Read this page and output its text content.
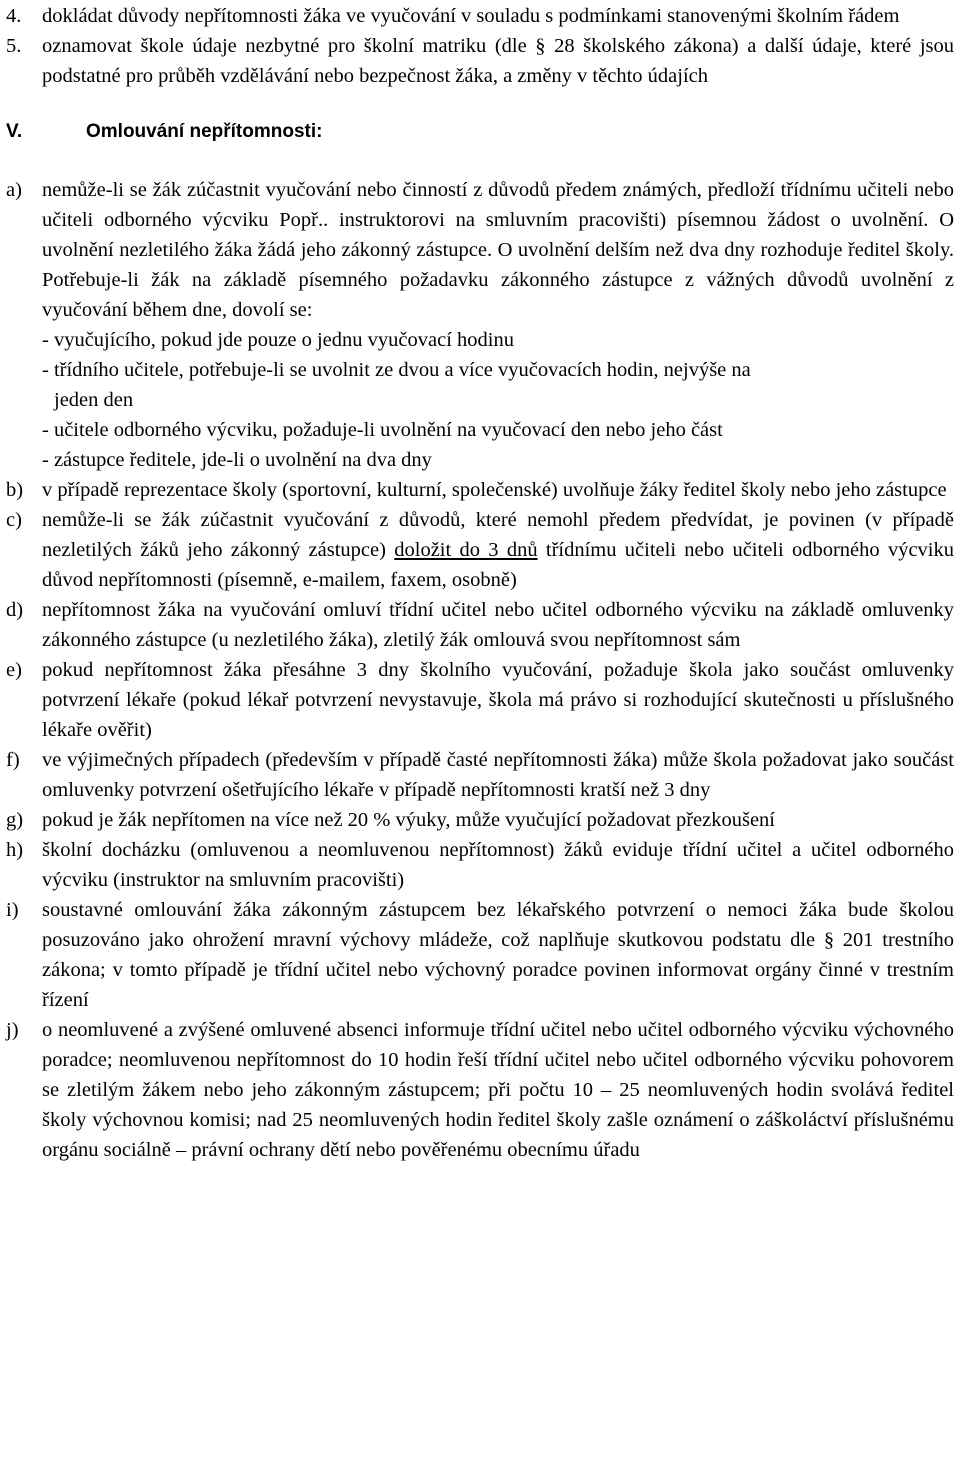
4.	dokládat důvody nepřítomnosti žáka ve vyučování v souladu s podmínkami stanovenými školním řádem
5.	oznamovat škole údaje nezbytné pro školní matriku (dle § 28 školského zákona) a další údaje, které jsou podstatné pro průběh vzdělávání nebo bezpečnost žáka, a změny v těchto údajích
V.	Omlouvání nepřítomnosti:
a) nemůže-li se žák zúčastnit vyučování nebo činností z důvodů předem známých, předloží třídnímu učiteli nebo učiteli odborného výcviku Popř.. instruktorovi na smluvním pracovišti) písemnou žádost o uvolnění. O uvolnění nezletilého žáka žádá jeho zákonný zástupce. O uvolnění delším než dva dny rozhoduje ředitel školy. Potřebuje-li žák na základě písemného požadavku zákonného zástupce z vážných důvodů uvolnění z vyučování během dne, dovolí se:

- vyučujícího, pokud jde pouze o jednu vyučovací hodinu

- třídního učitele, potřebuje-li se uvolnit ze dvou a více vyučovacích hodin, nejvýše na

jeden den

- učitele odborného výcviku, požaduje-li uvolnění na vyučovací den nebo jeho část

- zástupce ředitele, jde-li o uvolnění na dva dny

b) v případě reprezentace školy (sportovní, kulturní, společenské) uvolňuje žáky ředitel školy nebo jeho zástupce
c) nemůže-li se žák zúčastnit vyučování z důvodů, které nemohl předem předvídat, je povinen (v případě nezletilých žáků jeho zákonný zástupce) doložit do 3 dnů třídnímu učiteli nebo učiteli odborného výcviku důvod nepřítomnosti (písemně, e-mailem, faxem, osobně)
d) nepřítomnost žáka na vyučování omluví třídní učitel nebo učitel odborného výcviku na základě omluvenky zákonného zástupce (u nezletilého žáka), zletilý žák omlouvá svou nepřítomnost sám
e) pokud nepřítomnost žáka přesáhne 3 dny školního vyučování, požaduje škola jako součást omluvenky potvrzení lékaře (pokud lékař potvrzení nevystavuje, škola má právo si rozhodující skutečnosti u příslušného lékaře ověřit)
f)	ve výjimečných případech (především v případě časté nepřítomnosti žáka) může škola požadovat jako součást omluvenky potvrzení ošetřujícího lékaře v případě nepřítomnosti kratší než 3 dny
g) pokud je žák nepřítomen na více než 20 % výuky, může vyučující požadovat přezkoušení
h) školní docházku (omluvenou a neomluvenou nepřítomnost) žáků eviduje třídní učitel a učitel odborného výcviku (instruktor na smluvním pracovišti)
i)	soustavné omlouvání žáka zákonným zástupcem bez lékařského potvrzení o nemoci žáka bude školou posuzováno jako ohrožení mravní výchovy mládeže, což naplňuje skutkovou podstatu dle § 201 trestního zákona; v tomto případě je třídní učitel nebo výchovný poradce povinen informovat orgány činné v trestním řízení
j)	o neomluvené a zvýšené omluvené absenci informuje třídní učitel nebo učitel odborného výcviku výchovného poradce; neomluvenou nepřítomnost do 10 hodin řeší třídní učitel nebo učitel odborného výcviku pohovorem se zletilým žákem nebo jeho zákonným zástupcem; při počtu 10 – 25 neomluvených hodin svolává ředitel školy výchovnou komisi; nad 25 neomluvených hodin ředitel školy zašle oznámení o záškoláctví příslušnému orgánu sociálně – právní ochrany dětí nebo pověřenému obecnímu úřadu
